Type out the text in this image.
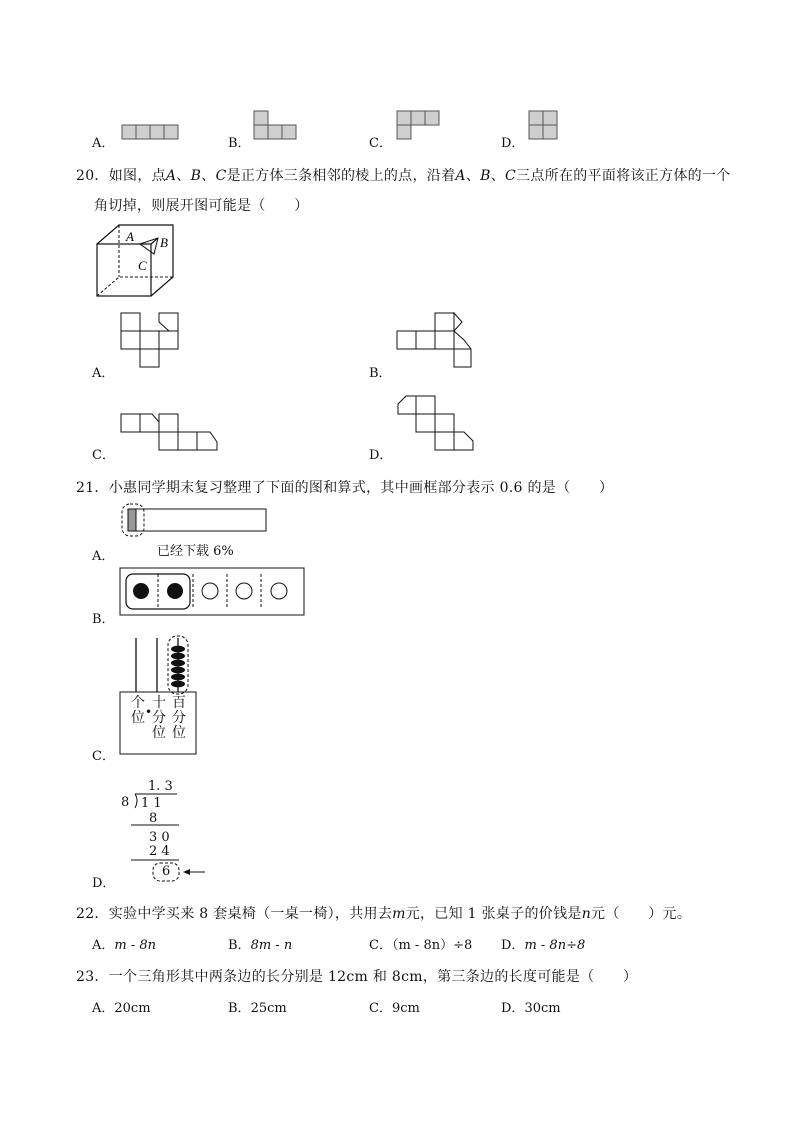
A．	B．	C．	D．
20．如图，点A、B、C是正方体三条相邻的棱上的点，沿着A、B、C三点所在的平面将该正方体的一个
角切掉，则展开图可能是（　　）
A B
C
A．	B．
C．	D．
21．小惠同学期末复习整理了下面的图和算式，其中画框部分表示 0.6 的是（　　）
A．	已经下载 6%
B．
C．
个
位 •
十
分
位
百
分
位
D．
1. 3
8 1 1
8
3 0
2 4
6
22．实验中学买来 8 套桌椅（一桌一椅），共用去m元，已知 1 张桌子的价钱是n元（　　）元。
A．m - 8n	B．8m - n	C．（m - 8n）÷8 D．m - 8n÷8
23．一个三角形其中两条边的长分别是 12cm 和 8cm，第三条边的长度可能是（　　）
A．20cm	B．25cm	C．9cm	D．30cm
